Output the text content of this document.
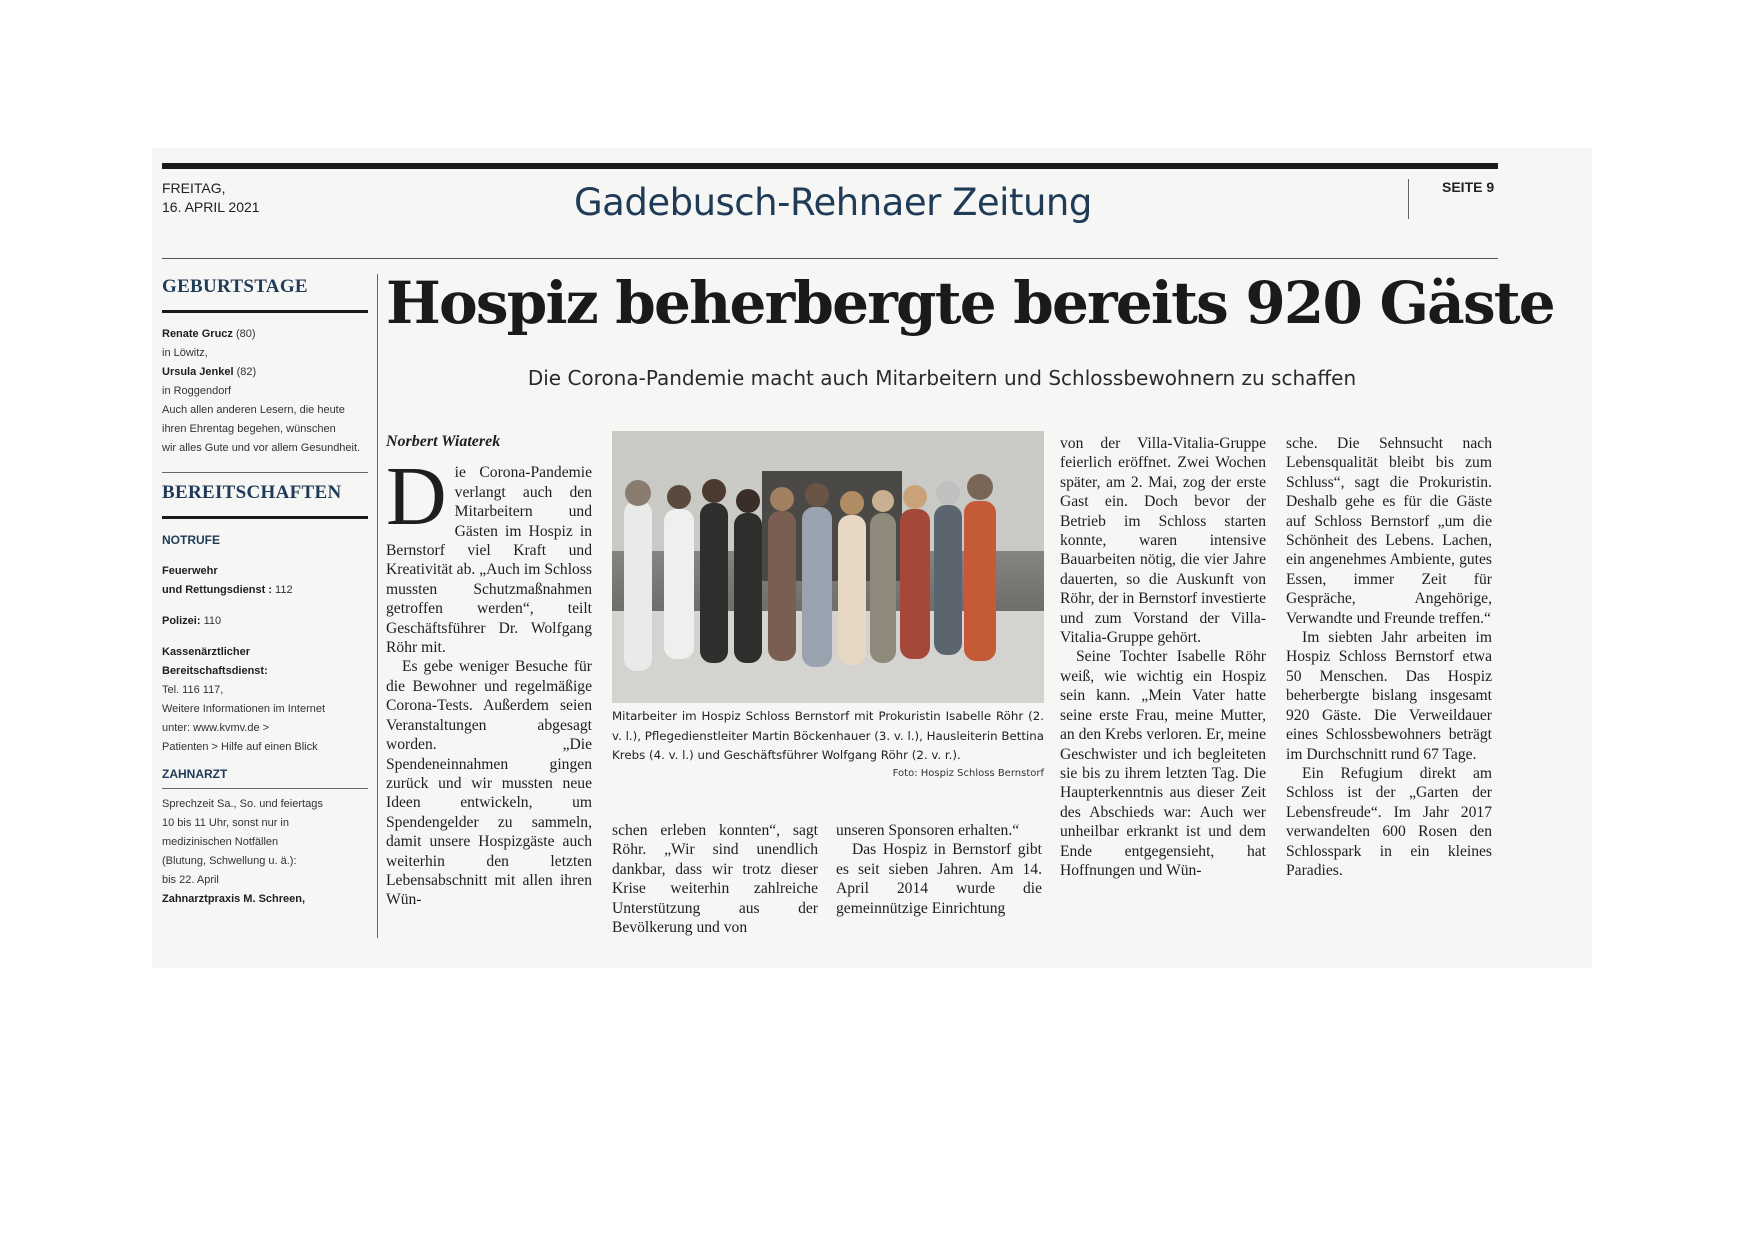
FREITAG,
16. APRIL 2021	Gadebusch-Rehnaer Zeitung	SEITE 9
GEBURTSTAGE
Renate Grucz (80)
in Löwitz,
Ursula Jenkel (82)
in Roggendorf
Auch allen anderen Lesern, die heute
ihren Ehrentag begehen, wünschen
wir alles Gute und vor allem Gesundheit.
BEREITSCHAFTEN
NOTRUFE
Feuerwehr
und Rettungsdienst : 112
Polizei: 110
Kassenärztlicher
Bereitschaftsdienst:
Tel. 116 117,
Weitere Informationen im Internet
unter: www.kvmv.de >
Patienten > Hilfe auf einen Blick
ZAHNARZT
Sprechzeit Sa., So. und feiertags
10 bis 11 Uhr, sonst nur in
medizinischen Notfällen
(Blutung, Schwellung u. ä.):
bis 22. April
Zahnarztpraxis M. Schreen,
Hospiz beherbergte bereits 920 Gäste
Die Corona-Pandemie macht auch Mitarbeitern und Schlossbewohnern zu schaffen
Norbert Wiaterek

Die Corona-Pandemie verlangt auch den Mitarbeitern und Gästen im Hospiz in Bernstorf viel Kraft und Kreativität ab. „Auch im Schloss mussten Schutzmaßnahmen getroffen werden“, teilt Geschäftsführer Dr. Wolfgang Röhr mit.

Es gebe weniger Besuche für die Bewohner und regelmäßige Corona-Tests. Außerdem seien Veranstaltungen abgesagt worden. „Die Spendeneinnahmen gingen zurück und wir mussten neue Ideen entwickeln, um Spendengelder zu sammeln, damit unsere Hospizgäste auch weiterhin den letzten Lebensabschnitt mit allen ihren Wün-

Mitarbeiter im Hospiz Schloss Bernstorf mit Prokuristin Isabelle Röhr (2. v. l.), Pflegedienstleiter Martin Böckenhauer (3. v. l.), Hausleiterin Bettina Krebs (4. v. l.) und Geschäftsführer Wolfgang Röhr (2. v. r.).
Foto: Hospiz Schloss Bernstorf

schen erleben konnten“, sagt Röhr. „Wir sind unendlich dankbar, dass wir trotz dieser Krise weiterhin zahlreiche Unterstützung aus der Bevölkerung und von

unseren Sponsoren erhalten.“

Das Hospiz in Bernstorf gibt es seit sieben Jahren. Am 14. April 2014 wurde die gemeinnützige Einrichtung

von der Villa-Vitalia-Gruppe feierlich eröffnet. Zwei Wochen später, am 2. Mai, zog der erste Gast ein. Doch bevor der Betrieb im Schloss starten konnte, waren intensive Bauarbeiten nötig, die vier Jahre dauerten, so die Auskunft von Röhr, der in Bernstorf investierte und zum Vorstand der Villa-Vitalia-Gruppe gehört.

Seine Tochter Isabelle Röhr weiß, wie wichtig ein Hospiz sein kann. „Mein Vater hatte seine erste Frau, meine Mutter, an den Krebs verloren. Er, meine Geschwister und ich begleiteten sie bis zu ihrem letzten Tag. Die Haupterkenntnis aus dieser Zeit des Abschieds war: Auch wer unheilbar erkrankt ist und dem Ende entgegensieht, hat Hoffnungen und Wün-

sche. Die Sehnsucht nach Lebensqualität bleibt bis zum Schluss“, sagt die Prokuristin. Deshalb gehe es für die Gäste auf Schloss Bernstorf „um die Schönheit des Lebens. Lachen, ein angenehmes Ambiente, gutes Essen, immer Zeit für Gespräche, Angehörige, Verwandte und Freunde treffen.“

Im siebten Jahr arbeiten im Hospiz Schloss Bernstorf etwa 50 Menschen. Das Hospiz beherbergte bislang insgesamt 920 Gäste. Die Verweildauer eines Schlossbewohners beträgt im Durchschnitt rund 67 Tage.

Ein Refugium direkt am Schloss ist der „Garten der Lebensfreude“. Im Jahr 2017 verwandelten 600 Rosen den Schlosspark in ein kleines Paradies.
